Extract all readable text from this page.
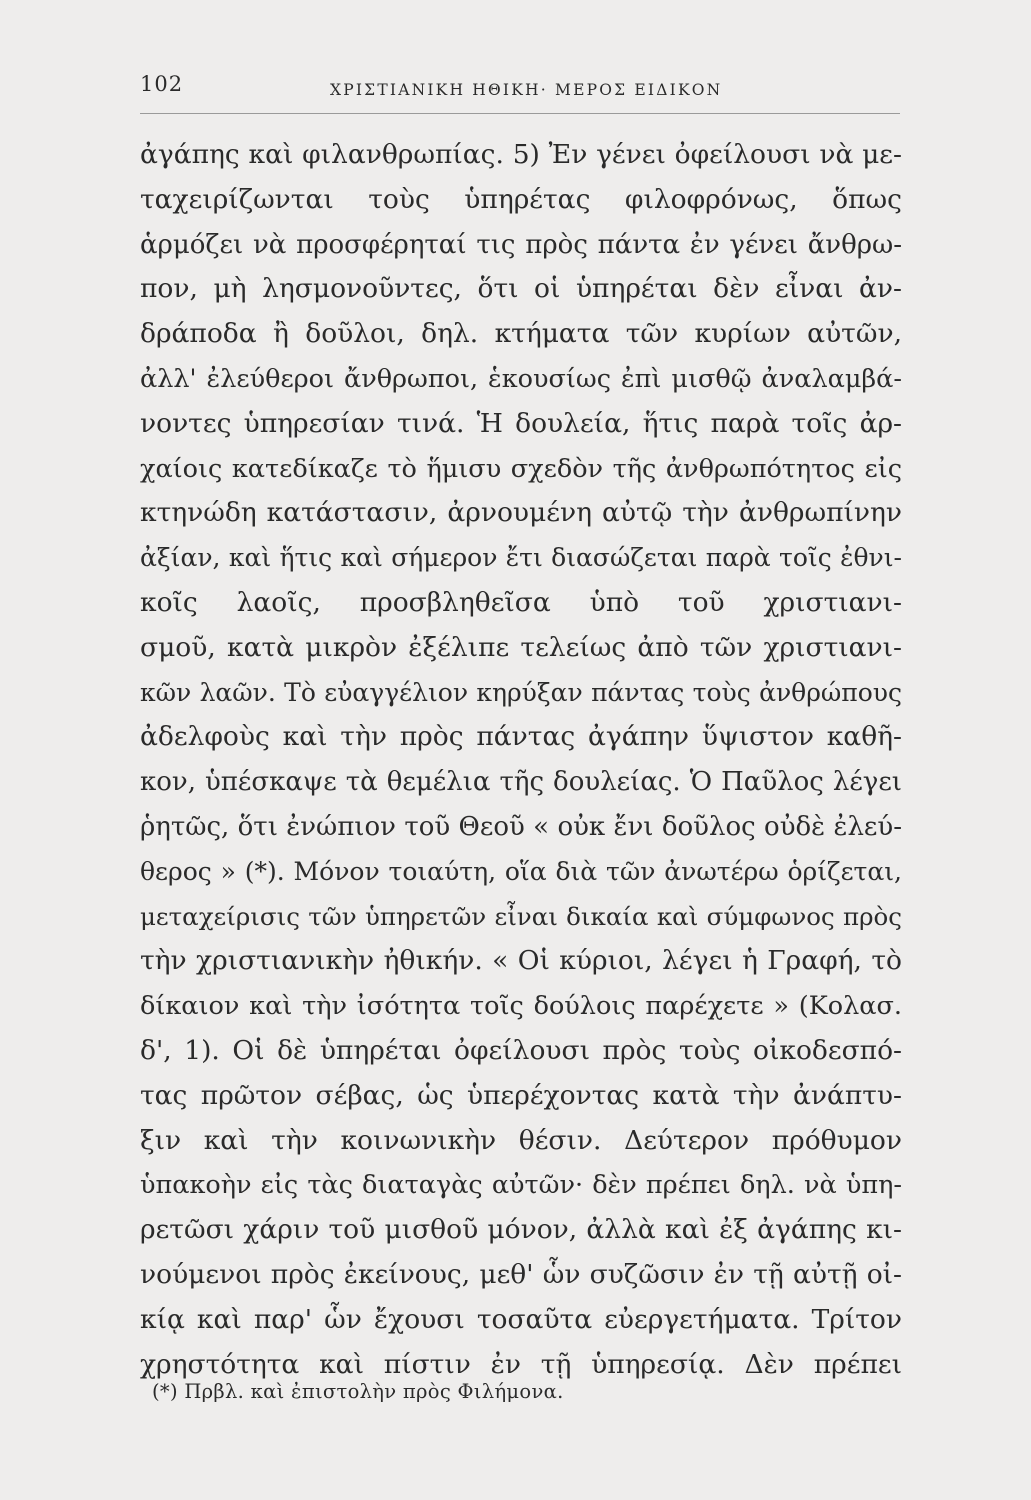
102	ΧΡΙΣΤΙΑΝΙΚΗ ΗΘΙΚΗ· ΜΕΡΟΣ ΕΙΔΙΚΟΝ
ἀγάπης καὶ φιλανθρωπίας. 5) Ἐν γένει ὀφείλουσι νὰ με-
ταχειρίζωνται τοὺς ὑπηρέτας φιλοφρόνως, ὅπως
ἁρμόζει νὰ προσφέρηταί τις πρὸς πάντα ἐν γένει ἄνθρω-
πον, μὴ λησμονοῦντες, ὅτι οἱ ὑπηρέται δὲν εἶναι ἀν-
δράποδα ἢ δοῦλοι, δηλ. κτήματα τῶν κυρίων αὐτῶν,
ἀλλ' ἐλεύθεροι ἄνθρωποι, ἑκουσίως ἐπὶ μισθῷ ἀναλαμβά-
νοντες ὑπηρεσίαν τινά. Ἡ δουλεία, ἥτις παρὰ τοῖς ἀρ-
χαίοις κατεδίκαζε τὸ ἥμισυ σχεδὸν τῆς ἀνθρωπότητος εἰς
κτηνώδη κατάστασιν, ἀρνουμένη αὐτῷ τὴν ἀνθρωπίνην
ἀξίαν, καὶ ἥτις καὶ σήμερον ἔτι διασώζεται παρὰ τοῖς ἐθνι-
κοῖς λαοῖς, προσβληθεῖσα ὑπὸ τοῦ χριστιανι-
σμοῦ, κατὰ μικρὸν ἐξέλιπε τελείως ἀπὸ τῶν χριστιανι-
κῶν λαῶν. Τὸ εὐαγγέλιον κηρύξαν πάντας τοὺς ἀνθρώπους
ἀδελφοὺς καὶ τὴν πρὸς πάντας ἀγάπην ὕψιστον καθῆ-
κον, ὑπέσκαψε τὰ θεμέλια τῆς δουλείας. Ὁ Παῦλος λέγει
ῥητῶς, ὅτι ἐνώπιον τοῦ Θεοῦ « οὐκ ἔνι δοῦλος οὐδὲ ἐλεύ-
θερος » (*). Μόνον τοιαύτη, οἵα διὰ τῶν ἀνωτέρω ὁρίζεται,
μεταχείρισις τῶν ὑπηρετῶν εἶναι δικαία καὶ σύμφωνος πρὸς
τὴν χριστιανικὴν ἠθικήν. « Οἱ κύριοι, λέγει ἡ Γραφή, τὸ
δίκαιον καὶ τὴν ἰσότητα τοῖς δούλοις παρέχετε » (Κολασ.
δ', 1). Οἱ δὲ ὑπηρέται ὀφείλουσι πρὸς τοὺς οἰκοδεσπό-
τας πρῶτον σέβας, ὡς ὑπερέχοντας κατὰ τὴν ἀνάπτυ-
ξιν καὶ τὴν κοινωνικὴν θέσιν. Δεύτερον πρόθυμον
ὑπακοὴν εἰς τὰς διαταγὰς αὐτῶν· δὲν πρέπει δηλ. νὰ ὑπη-
ρετῶσι χάριν τοῦ μισθοῦ μόνον, ἀλλὰ καὶ ἐξ ἀγάπης κι-
νούμενοι πρὸς ἐκείνους, μεθ' ὧν συζῶσιν ἐν τῇ αὐτῇ οἰ-
κίᾳ καὶ παρ' ὧν ἔχουσι τοσαῦτα εὐεργετήματα. Τρίτον
χρηστότητα καὶ πίστιν ἐν τῇ ὑπηρεσίᾳ. Δὲν πρέπει
(*) Πρβλ. καὶ ἐπιστολὴν πρὸς Φιλήμονα.
